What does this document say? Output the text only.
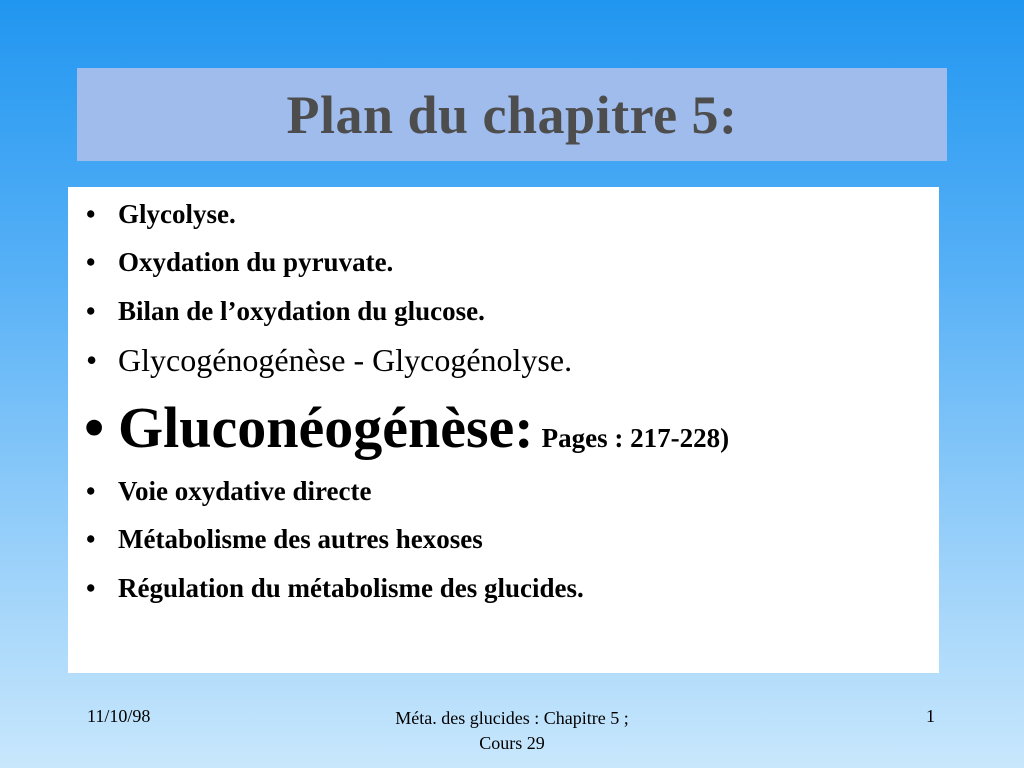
Plan du chapitre 5:
• Glycolyse.
• Oxydation du pyruvate.
• Bilan de l’oxydation du glucose.
• Glycogénogénèse - Glycogénolyse.
• Gluconéogénèse: Pages : 217-228)
• Voie oxydative directe
• Métabolisme des autres hexoses
• Régulation du métabolisme des glucides.
11/10/98	Méta. des glucides : Chapitre 5 ;
Cours 29
1
